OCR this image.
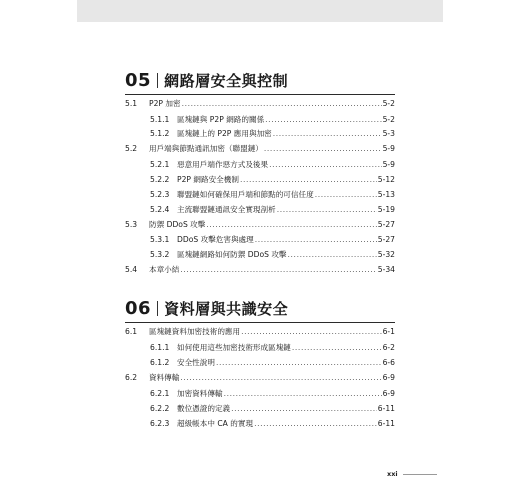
05 網路層安全與控制
5.1	P2P 加密 .....	5-2
5.1.1	區塊鏈與 P2P 網路的關係 .....	5-2
5.1.2	區塊鏈上的 P2P 應用與加密 .....	5-3
5.2	用戶端與節點通訊加密（聯盟鏈） .....	5-9
5.2.1	惡意用戶端作惡方式及後果 .....	5-9
5.2.2	P2P 網路安全機制 .....	5-12
5.2.3	聯盟鏈如何確保用戶端和節點的可信任度 .....	5-13
5.2.4	主流聯盟鏈通訊安全實現剖析 .....	5-19
5.3	防禦 DDoS 攻擊 .....	5-27
5.3.1	DDoS 攻擊危害與處理 .....	5-27
5.3.2	區塊鏈網路如何防禦 DDoS 攻擊 .....	5-32
5.4	本章小結 .....	5-34
06 資料層與共識安全
6.1	區塊鏈資料加密技術的應用 .....	6-1
6.1.1	如何使用這些加密技術形成區塊鏈 .....	6-2
6.1.2	安全性說明 .....	6-6
6.2	資料傳輸 .....	6-9
6.2.1	加密資料傳輸 .....	6-9
6.2.2	數位憑證的定義 .....	6-11
6.2.3	超級帳本中 CA 的實現 .....	6-11
xxi
